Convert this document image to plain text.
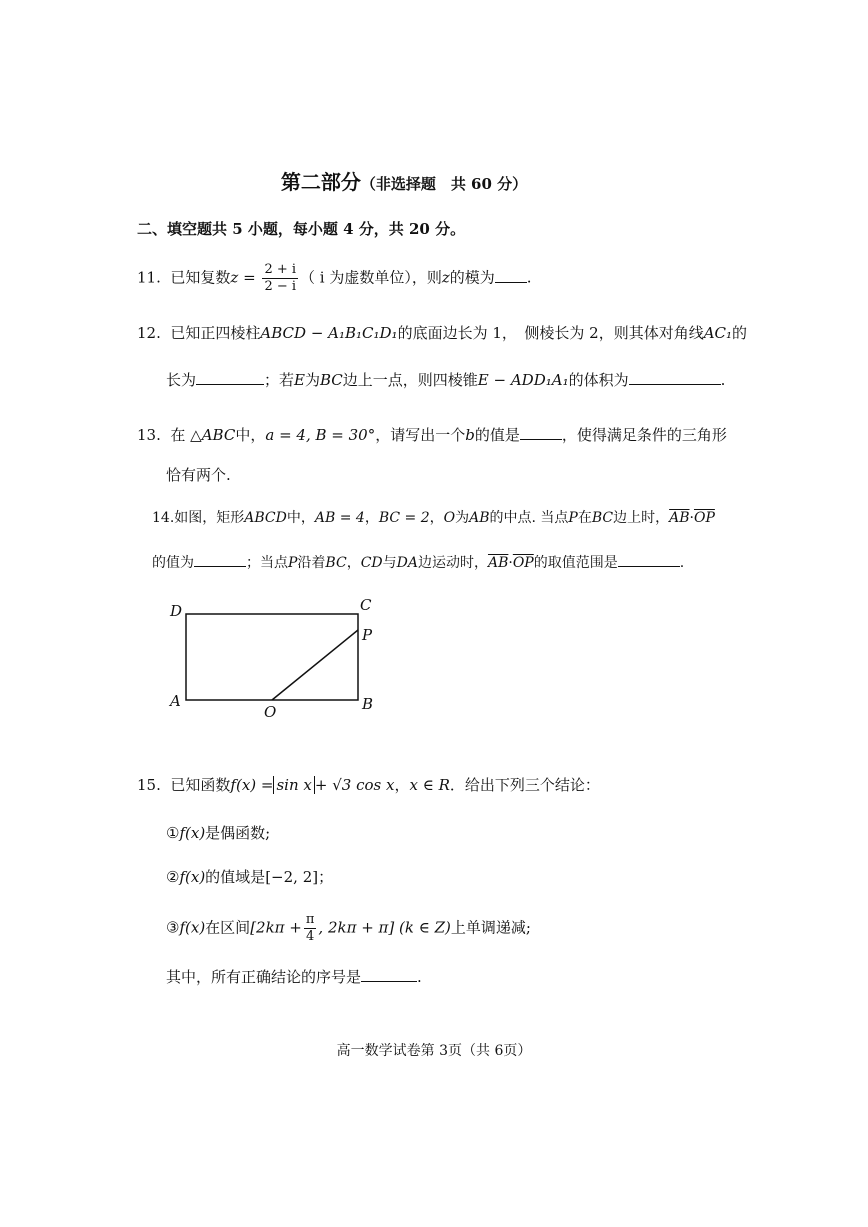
第二部分（非选择题　共 60 分）
二、填空题共 5 小题，每小题 4 分，共 20 分。
11. 已知复数$z = \frac{2 + i}{2 - i}$ （ i 为虚数单位），则z的模为 .
12. 已知正四棱柱ABCD − A₁B₁C₁D₁的底面边长为 1，　侧棱长为 2，则其体对角线AC₁的
长为	；若E为BC边上一点，则四棱锥E − ADD₁A₁的体积为	.
13. 在 △ABC中，a = 4, B = 30°，请写出一个b的值是	，使得满足条件的三角形
恰有两个.
14.如图，矩形ABCD中，AB = 4，BC = 2，O为AB的中点. 当点P在BC边上时，$\overline{AB}\cdot\overline{OP}$
的值为	；当点P沿着BC，CD与DA边运动时，$\overline{AB}\cdot\overline{OP}$的取值范围是	.
D	C
P
A
O	B
15. 已知函数f(x) = sin x + √3 cos x，x ∈ R．给出下列三个结论：
①f(x)是偶函数;
②f(x)的值域是[−2, 2]；
③f(x)在区间[$2k\pi + \frac{\pi}{4}$ , 2kπ + π] (k ∈ Z)上单调递减;
其中，所有正确结论的序号是	.
高一数学试卷第 3页（共 6页）
